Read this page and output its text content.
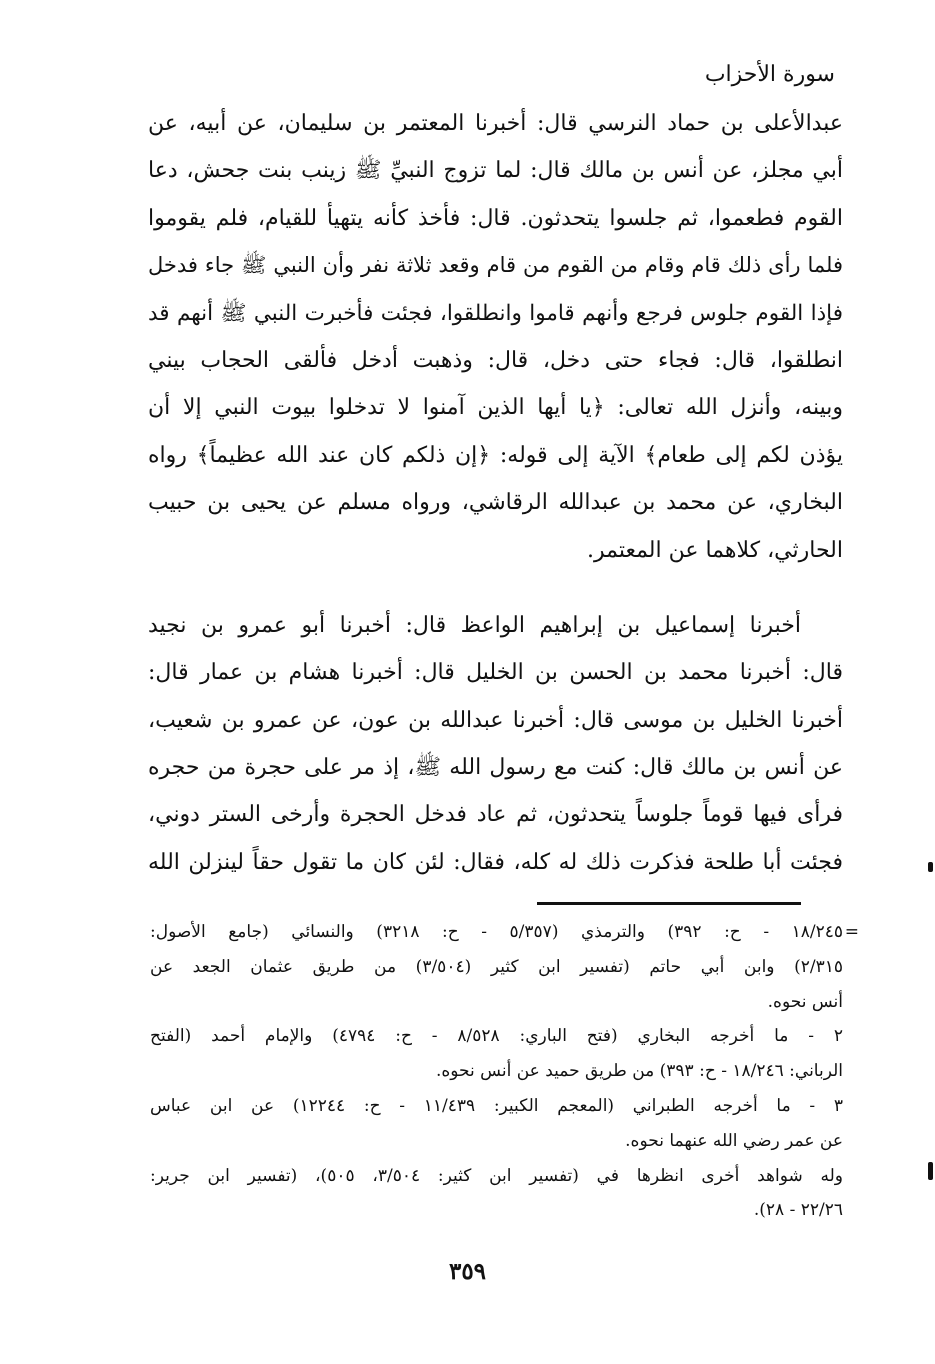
سورة الأحزاب
عبدالأعلى بن حماد النرسي قال: أخبرنا المعتمر بن سليمان، عن أبيه، عن
أبي مجلز، عن أنس بن مالك قال: لما تزوج النبيِّ ﷺ زينب بنت جحش، دعا
القوم فطعموا، ثم جلسوا يتحدثون. قال: فأخذ كأنه يتهيأ للقيام، فلم يقوموا
فلما رأى ذلك قام وقام من القوم من قام وقعد ثلاثة نفر وأن النبي ﷺ جاء فدخل
فإذا القوم جلوس فرجع وأنهم قاموا وانطلقوا، فجئت فأخبرت النبي ﷺ أنهم قد
انطلقوا، قال: فجاء حتى دخل، قال: وذهبت أدخل فألقى الحجاب بيني
وبينه، وأنزل الله تعالى: ﴿يا أيها الذين آمنوا لا تدخلوا بيوت النبي إلا أن
يؤذن لكم إلى طعام﴾ الآية إلى قوله: ﴿إن ذلكم كان عند الله عظيماً﴾ رواه
البخاري، عن محمد بن عبدالله الرقاشي، ورواه مسلم عن يحيى بن حبيب
الحارثي، كلاهما عن المعتمر.
أخبرنا إسماعيل بن إبراهيم الواعظ قال: أخبرنا أبو عمرو بن نجيد
قال: أخبرنا محمد بن الحسن بن الخليل قال: أخبرنا هشام بن عمار قال:
أخبرنا الخليل بن موسى قال: أخبرنا عبدالله بن عون، عن عمرو بن شعيب،
عن أنس بن مالك قال: كنت مع رسول الله ﷺ، إذ مر على حجرة من حجره
فرأى فيها قوماً جلوساً يتحدثون، ثم عاد فدخل الحجرة وأرخى الستر دوني،
فجئت أبا طلحة فذكرت ذلك له كله، فقال: لئن كان ما تقول حقاً لينزلن الله
=
١٨/٢٤٥ - ح: ٣٩٢) والترمذي (٥/٣٥٧ - ح: ٣٢١٨) والنسائي (جامع الأصول:
٢/٣١٥) وابن أبي حاتم (تفسير ابن كثير (٣/٥٠٤) من طريق عثمان الجعد عن
أنس نحوه.
٢ - ما أخرجه البخاري (فتح الباري: ٨/٥٢٨ - ح: ٤٧٩٤) والإمام أحمد (الفتح
الرباني: ١٨/٢٤٦ - ح: ٣٩٣) من طريق حميد عن أنس نحوه.
٣ - ما أخرجه الطبراني (المعجم الكبير: ١١/٤٣٩ - ح: ١٢٢٤٤) عن ابن عباس
عن عمر رضي الله عنهما نحوه.
وله شواهد أخرى انظرها في (تفسير ابن كثير: ٣/٥٠٤، ٥٠٥)، (تفسير ابن جرير:
٢٢/٢٦ - ٢٨).
٣٥٩
